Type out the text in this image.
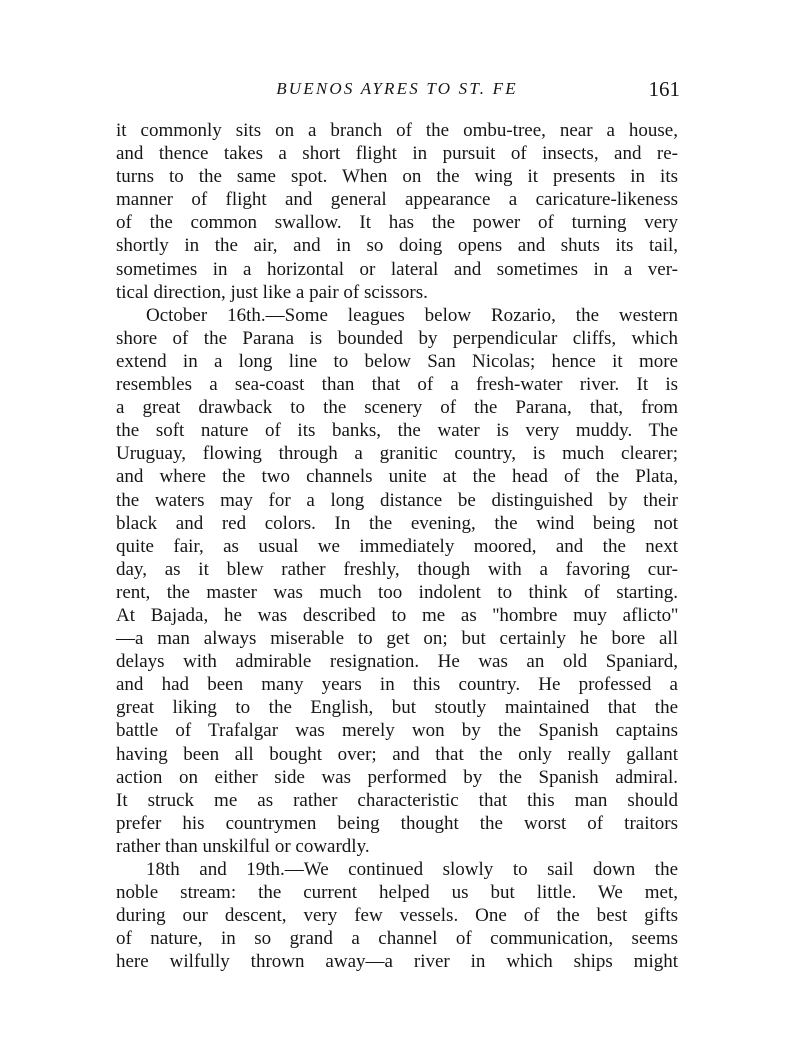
BUENOS AYRES TO ST. FE	161
it commonly sits on a branch of the ombu-tree, near a house,
and thence takes a short flight in pursuit of insects, and re-
turns to the same spot. When on the wing it presents in its
manner of flight and general appearance a caricature-likeness
of the common swallow. It has the power of turning very
shortly in the air, and in so doing opens and shuts its tail,
sometimes in a horizontal or lateral and sometimes in a ver-
tical direction, just like a pair of scissors.
October 16th.—Some leagues below Rozario, the western
shore of the Parana is bounded by perpendicular cliffs, which
extend in a long line to below San Nicolas; hence it more
resembles a sea-coast than that of a fresh-water river. It is
a great drawback to the scenery of the Parana, that, from
the soft nature of its banks, the water is very muddy. The
Uruguay, flowing through a granitic country, is much clearer;
and where the two channels unite at the head of the Plata,
the waters may for a long distance be distinguished by their
black and red colors. In the evening, the wind being not
quite fair, as usual we immediately moored, and the next
day, as it blew rather freshly, though with a favoring cur-
rent, the master was much too indolent to think of starting.
At Bajada, he was described to me as ''hombre muy aflicto''
—a man always miserable to get on; but certainly he bore all
delays with admirable resignation. He was an old Spaniard,
and had been many years in this country. He professed a
great liking to the English, but stoutly maintained that the
battle of Trafalgar was merely won by the Spanish captains
having been all bought over; and that the only really gallant
action on either side was performed by the Spanish admiral.
It struck me as rather characteristic that this man should
prefer his countrymen being thought the worst of traitors
rather than unskilful or cowardly.
18th and 19th.—We continued slowly to sail down the
noble stream: the current helped us but little. We met,
during our descent, very few vessels. One of the best gifts
of nature, in so grand a channel of communication, seems
here wilfully thrown away—a river in which ships might
